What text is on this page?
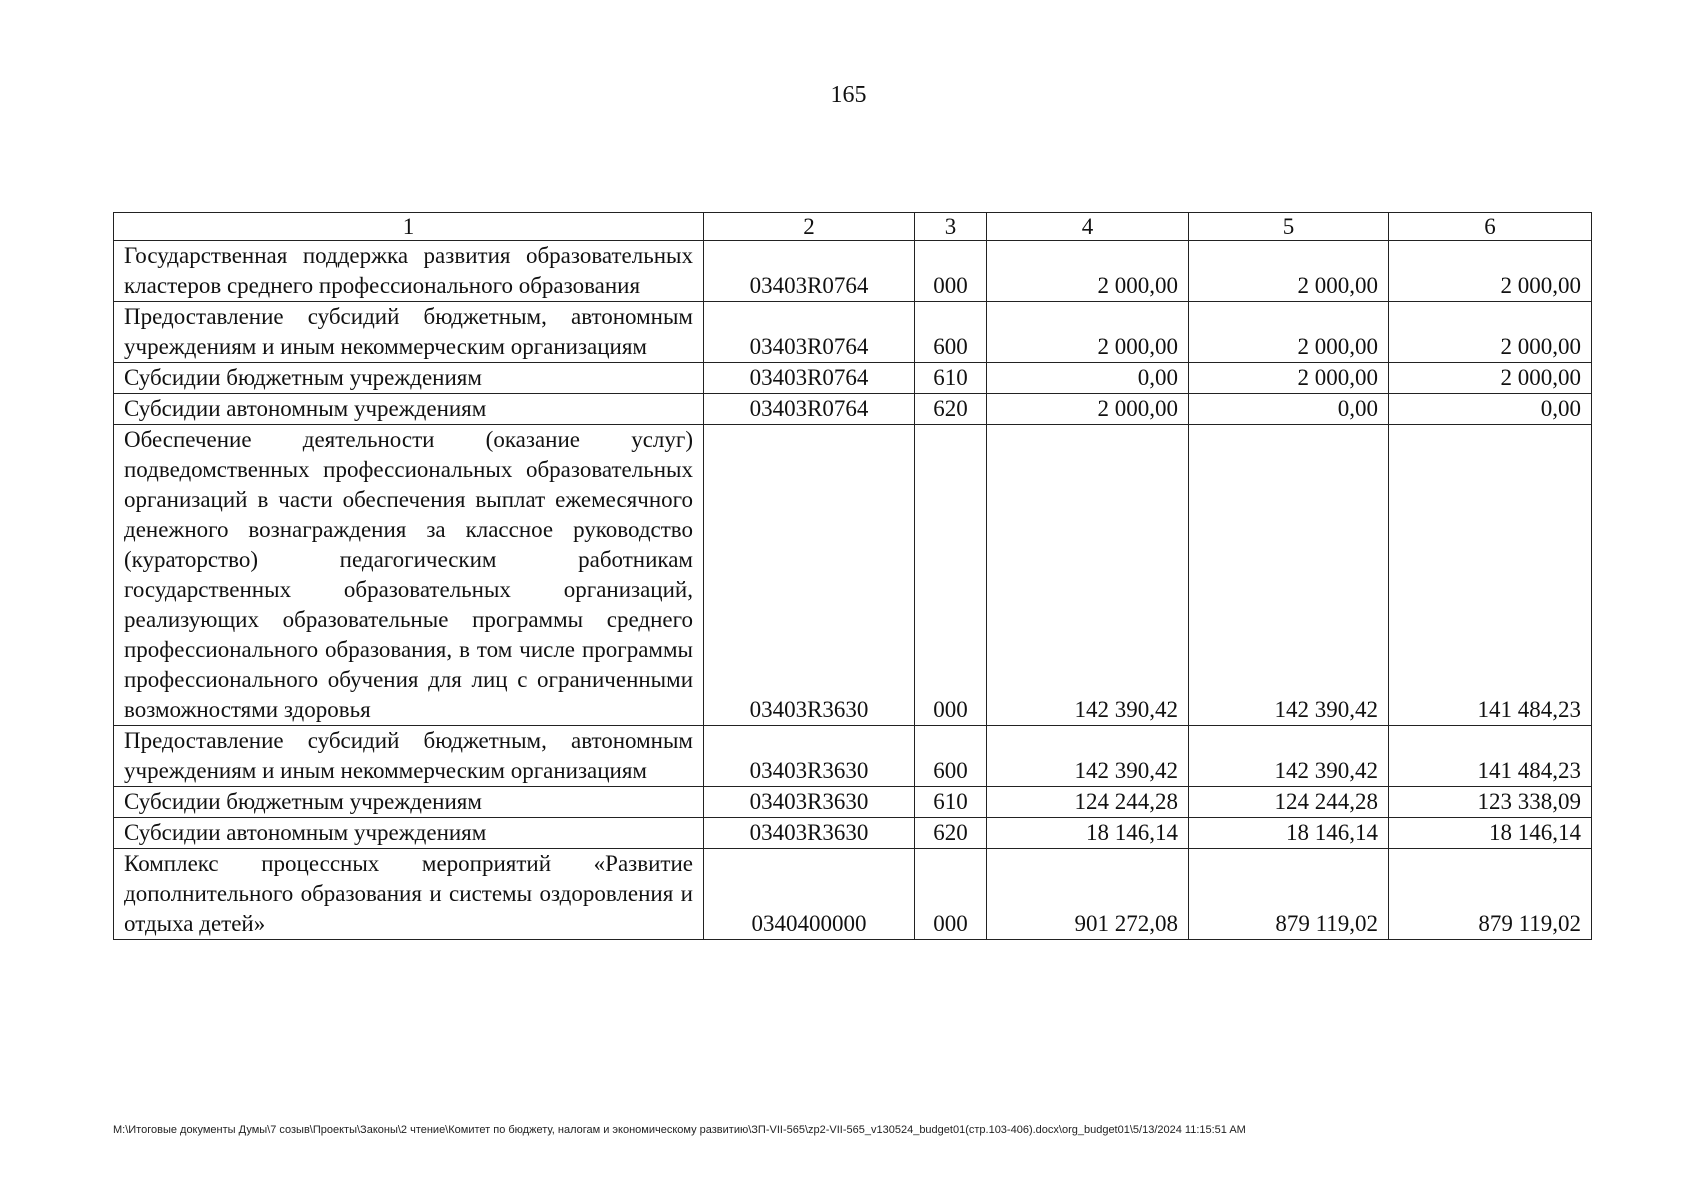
165
1	2	3	4	5	6
Государственная поддержка развития образовательных кластеров среднего профессионального образования	03403R0764	000	2 000,00	2 000,00	2 000,00
Предоставление субсидий бюджетным, автономным учреждениям и иным некоммерческим организациям	03403R0764	600	2 000,00	2 000,00	2 000,00
Субсидии бюджетным учреждениям	03403R0764	610	0,00	2 000,00	2 000,00
Субсидии автономным учреждениям	03403R0764	620	2 000,00	0,00	0,00
Обеспечение деятельности (оказание услуг) подведомственных профессиональных образовательных организаций в части обеспечения выплат ежемесячного денежного вознаграждения за классное руководство (кураторство) педагогическим работникам государственных образовательных организаций, реализующих образовательные программы среднего профессионального образования, в том числе программы профессионального обучения для лиц с ограниченными возможностями здоровья	03403R3630	000	142 390,42	142 390,42	141 484,23
Предоставление субсидий бюджетным, автономным учреждениям и иным некоммерческим организациям	03403R3630	600	142 390,42	142 390,42	141 484,23
Субсидии бюджетным учреждениям	03403R3630	610	124 244,28	124 244,28	123 338,09
Субсидии автономным учреждениям	03403R3630	620	18 146,14	18 146,14	18 146,14
Комплекс процессных мероприятий «Развитие дополнительного образования и системы оздоровления и отдыха детей»	0340400000	000	901 272,08	879 119,02	879 119,02
M:\Итоговые документы Думы\7 созыв\Проекты\Законы\2 чтение\Комитет по бюджету, налогам и экономическому развитию\ЗП-VII-565\zp2-VII-565_v130524_budget01(стр.103-406).docx\org_budget01\5/13/2024 11:15:51 AM
